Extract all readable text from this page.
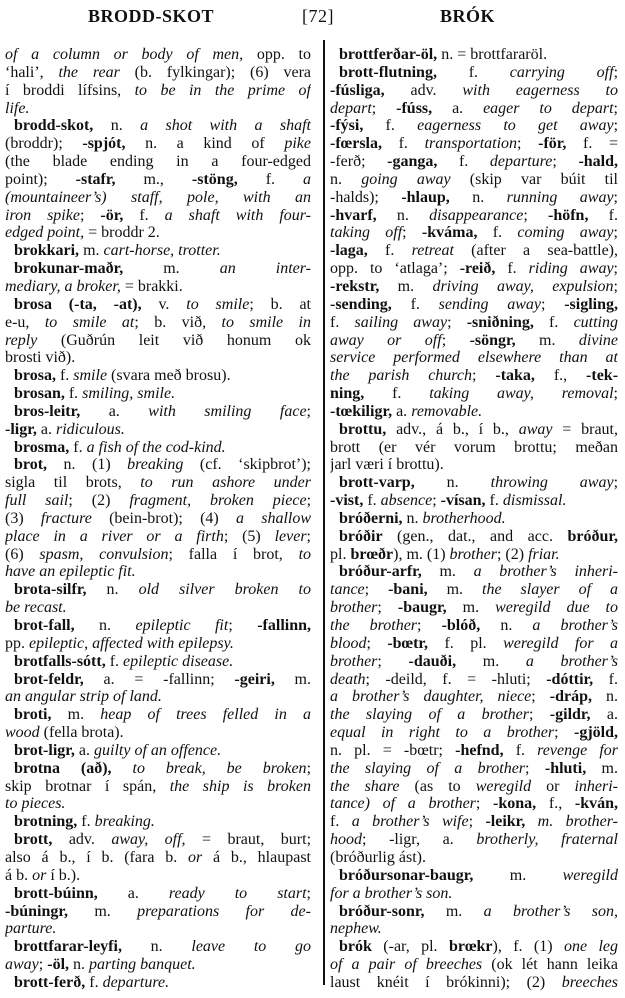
BRODD-SKOT	[72]	BRÓK
of a column or body of men, opp. to
‘hali’, the rear (b. fylkingar); (6) vera
í broddi lífsins, to be in the prime of
life.
brodd-skot, n. a shot with a shaft
(broddr); -spjót, n. a kind of pike
(the blade ending in a four-edged
point); -stafr, m., -stöng, f. a
(mountaineer’s) staff, pole, with an
iron spike; -ör, f. a shaft with four-
edged point, = broddr 2.
brokkari, m. cart-horse, trotter.
brokunar-maðr, m. an inter-
mediary, a broker, = brakki.
brosa (-ta, -at), v. to smile; b. at
e-u, to smile at; b. við, to smile in
reply (Guðrún leit við honum ok
brosti við).
brosa, f. smile (svara með brosu).
brosan, f. smiling, smile.
bros-leitr, a. with smiling face;
-ligr, a. ridiculous.
brosma, f. a fish of the cod-kind.
brot, n. (1) breaking (cf. ‘skipbrot’);
sigla til brots, to run ashore under
full sail; (2) fragment, broken piece;
(3) fracture (bein-brot); (4) a shallow
place in a river or a firth; (5) lever;
(6) spasm, convulsion; falla í brot, to
have an epileptic fit.
brota-silfr, n. old silver broken to
be recast.
brot-fall, n. epileptic fit; -fallinn,
pp. epileptic, affected with epilepsy.
brotfalls-sótt, f. epileptic disease.
brot-feldr, a. = -fallinn; -geiri, m.
an angular strip of land.
broti, m. heap of trees felled in a
wood (fella brota).
brot-ligr, a. guilty of an offence.
brotna (að), to break, be broken;
skip brotnar í spán, the ship is broken
to pieces.
brotning, f. breaking.
brott, adv. away, off, = braut, burt;
also á b., í b. (fara b. or á b., hlaupast
á b. or í b.).
brott-búinn, a. ready to start;
-búningr, m. preparations for de-
parture.
brottfarar-leyfi, n. leave to go
away; -öl, n. parting banquet.
brott-ferð, f. departure.
brottferðar-öl, n. = brottfararöl.
brott-flutning, f. carrying off;
-fúsliga, adv. with eagerness to
depart; -fúss, a. eager to depart;
-fýsi, f. eagerness to get away;
-fœrsla, f. transportation; -för, f. =
-ferð; -ganga, f. departure; -hald,
n. going away (skip var búit til
-halds); -hlaup, n. running away;
-hvarf, n. disappearance; -höfn, f.
taking off; -kváma, f. coming away;
-laga, f. retreat (after a sea-battle),
opp. to ‘atlaga’; -reið, f. riding away;
-rekstr, m. driving away, expulsion;
-sending, f. sending away; -sigling,
f. sailing away; -sniðning, f. cutting
away or off; -söngr, m. divine
service performed elsewhere than at
the parish church; -taka, f., -tek-
ning, f. taking away, removal;
-tœkiligr, a. removable.
brottu, adv., á b., í b., away = braut,
brott (er vér vorum brottu; meðan
jarl væri í brottu).
brott-varp, n. throwing away;
-vist, f. absence; -vísan, f. dismissal.
bróðerni, n. brotherhood.
bróðir (gen., dat., and acc. bróður,
pl. brœðr), m. (1) brother; (2) friar.
bróður-arfr, m. a brother’s inheri-
tance; -bani, m. the slayer of a
brother; -baugr, m. weregild due to
the brother; -blóð, n. a brother’s
blood; -bœtr, f. pl. weregild for a
brother; -dauði, m. a brother’s
death; -deild, f. = -hluti; -dóttir, f.
a brother’s daughter, niece; -dráp, n.
the slaying of a brother; -gildr, a.
equal in right to a brother; -gjöld,
n. pl. = -bœtr; -hefnd, f. revenge for
the slaying of a brother; -hluti, m.
the share (as to weregild or inheri-
tance) of a brother; -kona, f., -kván,
f. a brother’s wife; -leikr, m. brother-
hood; -ligr, a. brotherly, fraternal
(bróðurlig ást).
bróðursonar-baugr, m. weregild
for a brother’s son.
bróður-sonr, m. a brother’s son,
nephew.
brók (-ar, pl. brœkr), f. (1) one leg
of a pair of breeches (ok lét hann leika
laust knéit í brókinni); (2) breeches
